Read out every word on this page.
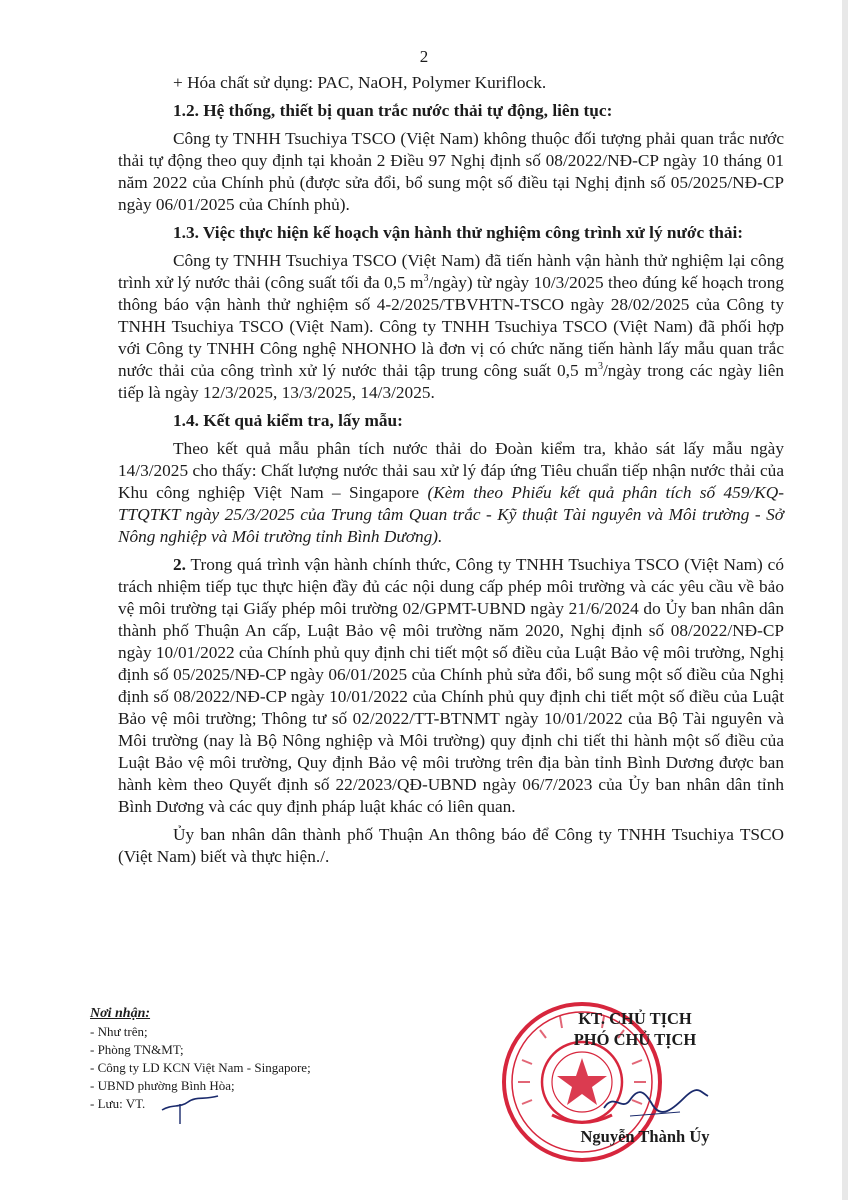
2

+ Hóa chất sử dụng: PAC, NaOH, Polymer Kuriflock.

1.2. Hệ thống, thiết bị quan trắc nước thải tự động, liên tục:

Công ty TNHH Tsuchiya TSCO (Việt Nam) không thuộc đối tượng phải quan trắc nước thải tự động theo quy định tại khoản 2 Điều 97 Nghị định số 08/2022/NĐ-CP ngày 10 tháng 01 năm 2022 của Chính phủ (được sửa đổi, bổ sung một số điều tại Nghị định số 05/2025/NĐ-CP ngày 06/01/2025 của Chính phủ).

1.3. Việc thực hiện kế hoạch vận hành thử nghiệm công trình xử lý nước thải:

Công ty TNHH Tsuchiya TSCO (Việt Nam) đã tiến hành vận hành thử nghiệm lại công trình xử lý nước thải (công suất tối đa 0,5 $m^3/ngày$) từ ngày 10/3/2025 theo đúng kế hoạch trong thông báo vận hành thử nghiệm số 4-2/2025/TBVHTN-TSCO ngày 28/02/2025 của Công ty TNHH Tsuchiya TSCO (Việt Nam). Công ty TNHH Tsuchiya TSCO (Việt Nam) đã phối hợp với Công ty TNHH Công nghệ NHONHO là đơn vị có chức năng tiến hành lấy mẫu quan trắc nước thải của công trình xử lý nước thải tập trung công suất 0,5 $m^3$/ngày trong các ngày liên tiếp là ngày 12/3/2025, 13/3/2025, 14/3/2025.

1.4. Kết quả kiểm tra, lấy mẫu:

Theo kết quả mẫu phân tích nước thải do Đoàn kiểm tra, khảo sát lấy mẫu ngày 14/3/2025 cho thấy: Chất lượng nước thải sau xử lý đáp ứng Tiêu chuẩn tiếp nhận nước thải của Khu công nghiệp Việt Nam – Singapore (Kèm theo Phiếu kết quả phân tích số 459/KQ-TTQTKT ngày 25/3/2025 của Trung tâm Quan trắc - Kỹ thuật Tài nguyên và Môi trường - Sở Nông nghiệp và Môi trường tỉnh Bình Dương).

2. Trong quá trình vận hành chính thức, Công ty TNHH Tsuchiya TSCO (Việt Nam) có trách nhiệm tiếp tục thực hiện đầy đủ các nội dung cấp phép môi trường và các yêu cầu về bảo vệ môi trường tại Giấy phép môi trường 02/GPMT-UBND ngày 21/6/2024 do Ủy ban nhân dân thành phố Thuận An cấp, Luật Bảo vệ môi trường năm 2020, Nghị định số 08/2022/NĐ-CP ngày 10/01/2022 của Chính phủ quy định chi tiết một số điều của Luật Bảo vệ môi trường, Nghị định số 05/2025/NĐ-CP ngày 06/01/2025 của Chính phủ sửa đổi, bổ sung một số điều của Nghị định số 08/2022/NĐ-CP ngày 10/01/2022 của Chính phủ quy định chi tiết một số điều của Luật Bảo vệ môi trường; Thông tư số 02/2022/TT-BTNMT ngày 10/01/2022 của Bộ Tài nguyên và Môi trường (nay là Bộ Nông nghiệp và Môi trường) quy định chi tiết thi hành một số điều của Luật Bảo vệ môi trường, Quy định Bảo vệ môi trường trên địa bàn tỉnh Bình Dương được ban hành kèm theo Quyết định số 22/2023/QĐ-UBND ngày 06/7/2023 của Ủy ban nhân dân tỉnh Bình Dương và các quy định pháp luật khác có liên quan.

Ủy ban nhân dân thành phố Thuận An thông báo để Công ty TNHH Tsuchiya TSCO (Việt Nam) biết và thực hiện./.

Nơi nhận:
- Như trên;
- Phòng TN&MT;
- Công ty LD KCN Việt Nam - Singapore;
- UBND phường Bình Hòa;
- Lưu: VT.
KT. CHỦ TỊCH
PHÓ CHỦ TỊCH
Nguyễn Thành Úy
